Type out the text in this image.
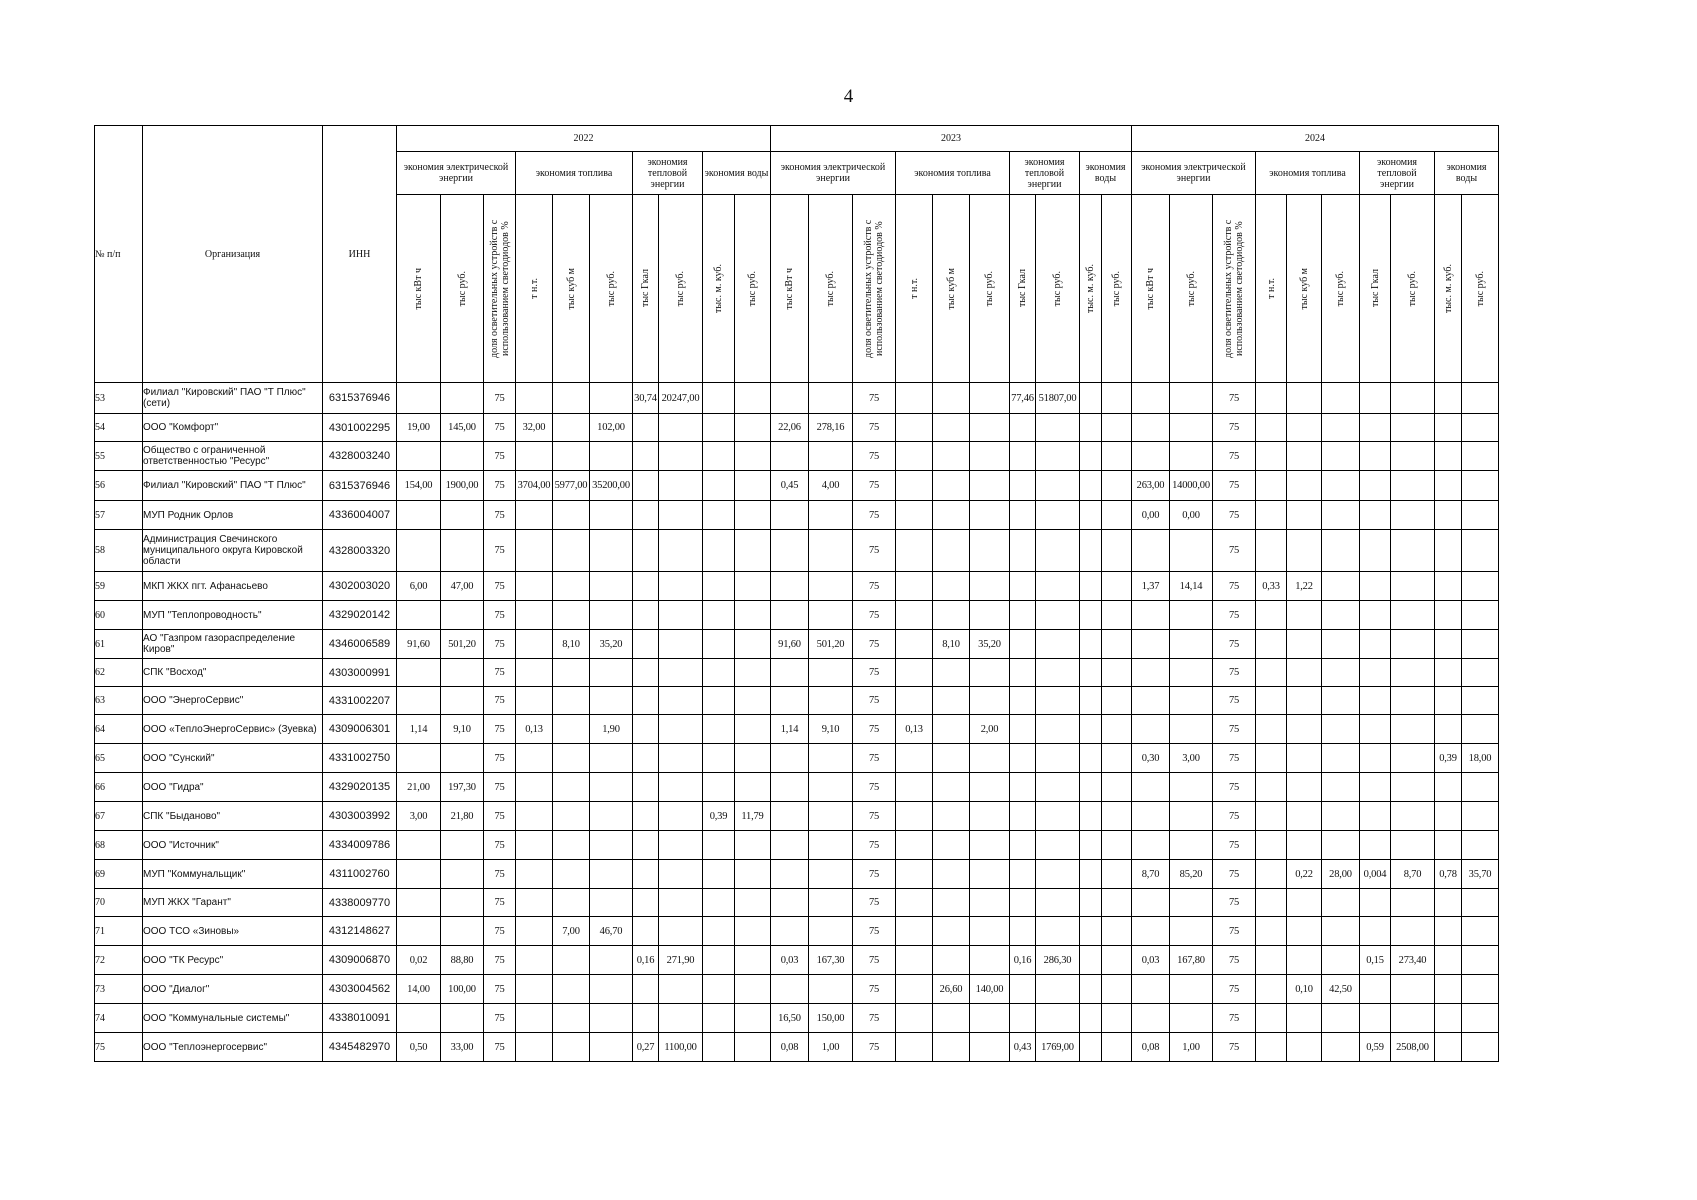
4
№ п/п	Организация	ИНН	2022										2023										2024									
			экономия электрической энергии			экономия топлива			экономия тепловой энергии		экономия воды		экономия электрической энергии			экономия топлива			экономия тепловой энергии		экономия воды		экономия электрической энергии			экономия топлива			экономия тепловой энергии		экономия воды	

			тыс кВт ч	тыс руб.	доля осветительных устройств с использованием светодиодов %	т н.т.	тыс куб м	тыс руб.	тыс Гкал	тыс руб.	тыс. м. куб.	тыс руб.	тыс кВт ч	тыс руб.	доля осветительных устройств с использованием светодиодов %	т н.т.	тыс куб м	тыс руб.	тыс Гкал	тыс руб.	тыс. м. куб.	тыс руб.	тыс кВт ч	тыс руб.	доля осветительных устройств с использованием светодиодов %	т н.т.	тыс куб м	тыс руб.	тыс Гкал	тыс руб.	тыс. м. куб.	тыс руб.

53	Филиал "Кировский" ПАО "Т Плюс" (сети)	6315376946			75				30,74	20247,00					75				77,46	51807,00					75							
54	ООО "Комфорт"	4301002295	19,00	145,00	75	32,00		102,00					22,06	278,16	75										75							
55	Общество с ограниченной ответственностью "Ресурс"	4328003240			75										75										75							
56	Филиал "Кировский" ПАО "Т Плюс"	6315376946	154,00	1900,00	75	3704,00	5977,00	35200,00					0,45	4,00	75								263,00	14000,00	75							
57	МУП Родник Орлов	4336004007			75										75								0,00	0,00	75							
58	Администрация Свечинского муниципального округа Кировской области	4328003320			75										75										75							
59	МКП ЖКХ пгт. Афанасьево	4302003020	6,00	47,00	75										75								1,37	14,14	75	0,33	1,22					
60	МУП "Теплопроводность"	4329020142			75										75										75							
61	АО "Газпром газораспределение Киров"	4346006589	91,60	501,20	75		8,10	35,20					91,60	501,20	75		8,10	35,20							75							
62	СПК "Восход"	4303000991			75										75										75							
63	ООО "ЭнергоСервис"	4331002207			75										75										75							
64	ООО «ТеплоЭнергоСервис» (Зуевка)	4309006301	1,14	9,10	75	0,13		1,90					1,14	9,10	75	0,13		2,00							75							
65	ООО "Сунский"	4331002750			75										75								0,30	3,00	75						0,39	18,00
66	ООО "Гидра"	4329020135	21,00	197,30	75										75										75							
67	СПК "Быданово"	4303003992	3,00	21,80	75						0,39	11,79			75										75							
68	ООО "Источник"	4334009786			75										75										75							
69	МУП "Коммунальщик"	4311002760			75										75								8,70	85,20	75		0,22	28,00	0,004	8,70	0,78	35,70
70	МУП ЖКХ "Гарант"	4338009770			75										75										75							
71	ООО ТСО «Зиновы»	4312148627			75		7,00	46,70							75										75							
72	ООО "ТК Ресурс"	4309006870	0,02	88,80	75				0,16	271,90			0,03	167,30	75				0,16	286,30			0,03	167,80	75				0,15	273,40		
73	ООО "Диалог"	4303004562	14,00	100,00	75										75		26,60	140,00							75		0,10	42,50				
74	ООО "Коммунальные системы"	4338010091			75								16,50	150,00	75										75							
75	ООО "Теплоэнергосервис"	4345482970	0,50	33,00	75				0,27	1100,00			0,08	1,00	75				0,43	1769,00			0,08	1,00	75				0,59	2508,00		
